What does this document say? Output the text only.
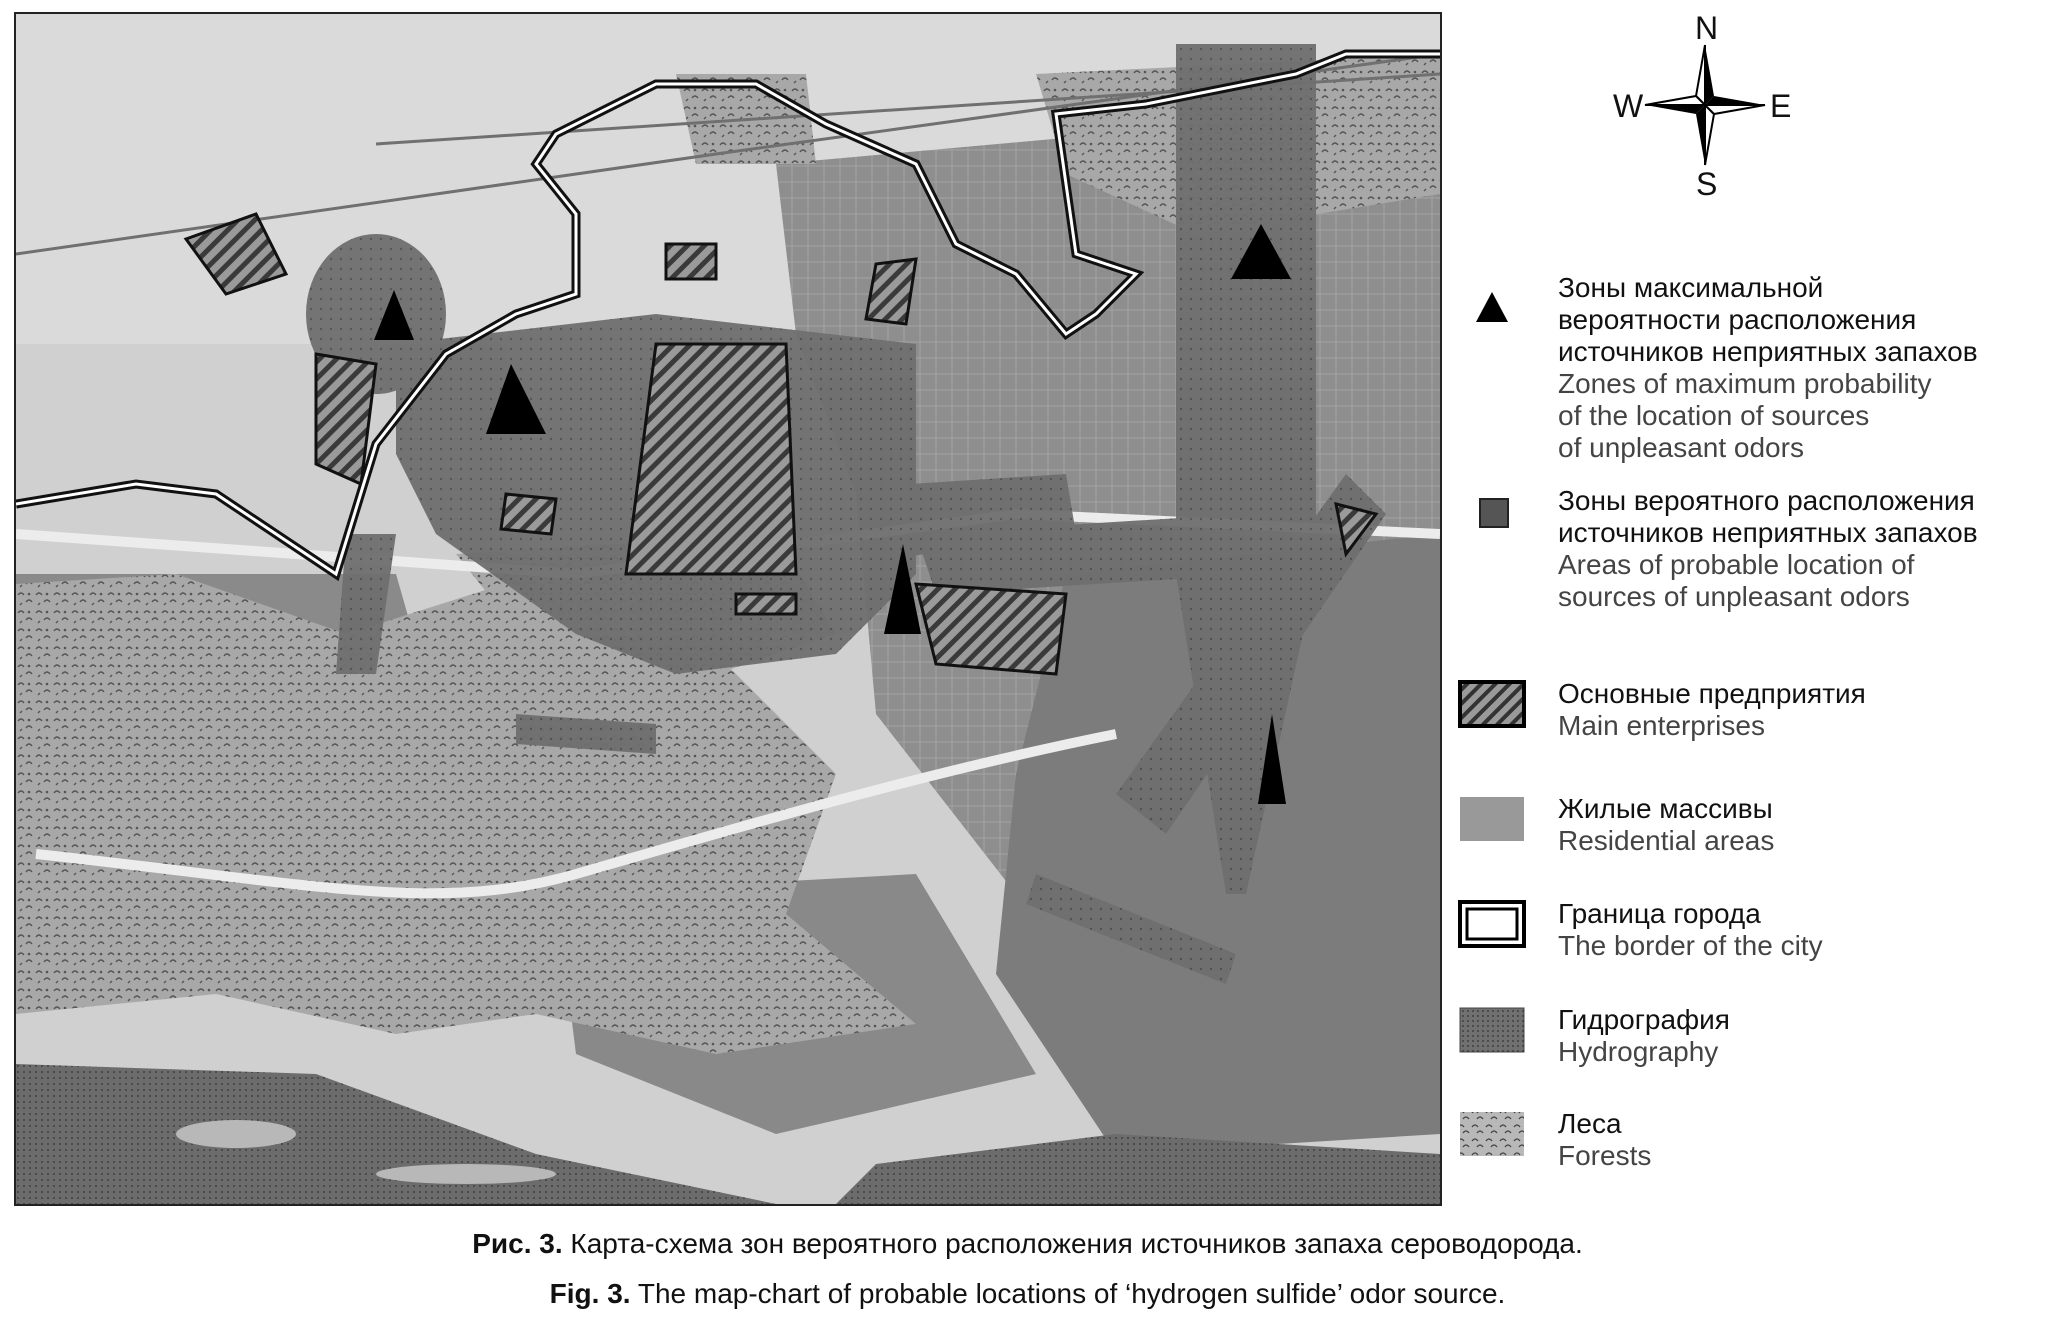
N
S
E
W
Зоны максимальной
вероятности расположения
источников неприятных запахов
Zones of maximum probability
of the location of sources
of unpleasant odors
Зоны вероятного расположения
источников неприятных запахов
Areas of probable location of
sources of unpleasant odors
Основные предприятия
Main enterprises
Жилые массивы
Residential areas
Граница города
The border of the city
Гидрография
Hydrography
Леса
Forests
Рис. 3. Карта-схема зон вероятного расположения источников запаха сероводорода.
Fig. 3. The map-chart of probable locations of ‘hydrogen sulfide’ odor source.
